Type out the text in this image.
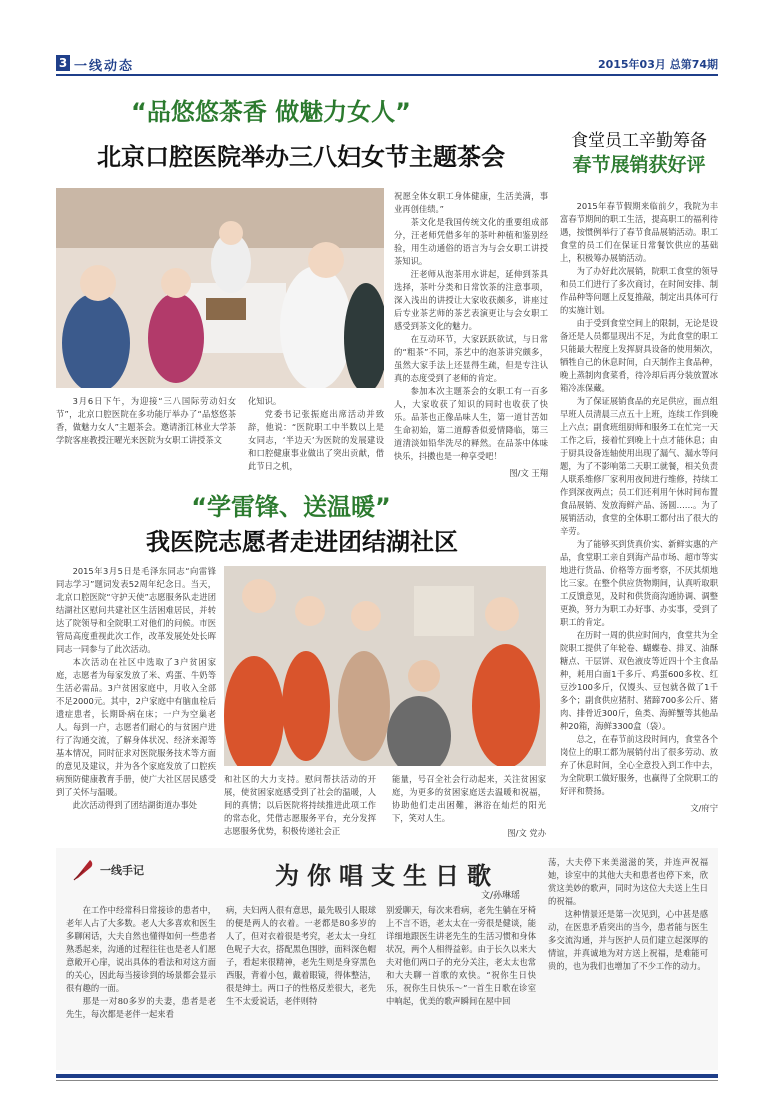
3 一线动态	2015年03月 总第74期
“品悠悠茶香 做魅力女人”
北京口腔医院举办三八妇女节主题茶会

3月6日下午，为迎接“三八国际劳动妇女节”，北京口腔医院在多功能厅举办了“品悠悠茶香，做魅力女人”主题茶会。邀请浙江林业大学茶学院客座教授汪曜光来医院为女职工讲授茶文

化知识。

党委书记张振庭出席活动并致辞，他说：“医院职工中半数以上是女同志，‘半边天’为医院的发展建设和口腔健康事业做出了突出贡献，借此节日之机，

祝愿全体女职工身体健康，生活美满，事业再创佳绩。”

茶文化是我国传统文化的重要组成部分，汪老师凭借多年的茶叶种植和鉴别经验，用生动通俗的语言为与会女职工讲授茶知识。

汪老师从泡茶用水讲起，延伸到茶具选择，茶叶分类和日常饮茶的注意事项，深入浅出的讲授让大家收获颇多，讲座过后专业茶艺师的茶艺表演更让与会女职工感受到茶文化的魅力。

在互动环节，大家跃跃欲试，与日常的“粗茶”不同，茶艺中的泡茶讲究颇多，虽然大家手法上还显得生疏，但是专注认真的态度受到了老师的肯定。

参加本次主题茶会的女职工有一百多人，大家收获了知识的同时也收获了快乐。品茶也正像品味人生，第一道甘苦如生命初始，第二道醇香似爱情降临，第三道清淡如铅华洗尽的释然。在品茶中体味快乐，抖擞也是一种享受吧！

图/文 王翔
“学雷锋、送温暖”
我医院志愿者走进团结湖社区

2015年3月5日是毛泽东同志“向雷锋同志学习”题词发表52周年纪念日。当天，北京口腔医院“守护天使”志愿服务队走进团结湖社区慰问共建社区生活困难居民，并转达了院领导和全院职工对他们的问候。市医管局高度重视此次工作，改革发展处处长晖同志一同参与了此次活动。

本次活动在社区中选取了3户贫困家庭，志愿者为每家发放了米、鸡蛋、牛奶等生活必需品。3户贫困家庭中，月收入全部不足2000元。其中，2户家庭中有脑血栓后遗症患者，长期卧病在床；一户为空巢老人。每到一户，志愿者们耐心的与贫困户进行了沟通交流，了解身体状况、经济来源等基本情况，同时征求对医院服务技术等方面的意见及建议，并为各个家庭发放了口腔疾病预防健康教育手册，使广大社区居民感受到了关怀与温暖。

此次活动得到了团结湖街道办事处

和社区的大力支持。慰问帮扶活动的开展，使贫困家庭感受到了社会的温暖，人间的真情；以后医院将持续推进此项工作的常态化，凭借志愿服务平台，充分发挥志愿服务优势，积极传递社会正

能量，号召全社会行动起来，关注贫困家庭，为更多的贫困家庭送去温暖和祝福，协助他们走出困難，淋浴在灿烂的阳光下，笑对人生。

图/文 党办
食堂员工辛勤筹备
春节展销获好评

2015年春节假期来临前夕，我院为丰富春节期间的职工生活，提高职工的福利待遇，按惯例举行了春节食品展销活动。职工食堂的员工们在保证日常餐饮供应的基础上，积极筹办展销活动。

为了办好此次展销，院职工食堂的领导和员工们进行了多次商讨，在时间安排、制作品种等问题上反复推敲，制定出具体可行的实施计划。

由于受到食堂空间上的限制，无论是设备还是人员都显现出不足，为此食堂的职工只能最大程度上发挥厨具设备的使用频次，牺牲自己的休息时间，白天制作主食品种，晚上蒸制肉食菜肴，待冷却后再分装放置冰箱冷冻保藏。

为了保证展销食品的充足供应，面点组早班人员清晨三点五十上班，连续工作到晚上六点；副食班组厨师和服务工在忙完一天工作之后，接着忙到晚上十点才能休息；由于厨具设备连轴使用出现了漏气、漏水等问题，为了不影响第二天职工就餐，相关负责人联系维修厂家利用夜间进行维修，持续工作到深夜两点；员工们还利用午休时间布置食品展销、发放海鲜产品、汤圆……。为了展销活动，食堂的全体职工都付出了很大的辛劳。

为了能够买到货真价实、新鲜实惠的产品，食堂职工亲自到海产品市场、超市等实地进行货品、价格等方面考察，不厌其烦地比三家。在整个供应货物期间，认真听取职工反馈意见，及时和供货商沟通协调、调整更换，努力为职工办好事、办实事，受到了职工的肯定。

在历时一周的供应时间内，食堂共为全院职工提供了年轮卷、蝴蝶卷、排叉、油酥糖点、干层饼、双色液皮等近四十个主食品种，耗用白面1千多斤、鸡蛋600多枚、红豆沙100多斤，仅馒头、豆包就各做了1千多个；副食供应猪肘、猪蹄700多公斤、猪肉、排骨近300斤，鱼类、海鲜蟹等其他品种20箱，海鲜3300盒（袋）。

总之，在春节前这段时间内，食堂各个岗位上的职工都为展销付出了很多劳动、放弃了休息时间，全心全意投入到工作中去，为全院职工做好服务，也赢得了全院职工的好评和赞扬。

文/府宁
一线手记	为你唱支生日歌
文/孙琳瑶

在工作中经常科日常接诊的患者中，老年人占了大多数。老人大多喜欢和医生多聊闲话，大夫自然也懂得如何一些患者熟悉起来，沟通的过程往往也是老人们愿意敞开心扉，说出具体的看法和对这方面的关心，因此每当接诊到的场景都会显示很有趣的一面。

那是一对80多岁的夫妻，患者是老先生，每次都是老伴一起来看

病，夫妇两人很有意思，最先吸引人眼球的便是两人的衣着。一老都是80多岁的人了，但对衣着很是考究，老太太一身红色呢子大衣，搭配黑色围脖，面料深色帽子，看起来很精神，老先生则是身穿黑色西服，背着小包，戴着眼镜，得体整洁，很是绅士。两口子的性格反差很大，老先生不太爱说话，老伴则特

别爱聊天，每次来看病，老先生躺在牙椅上不言不语，老太太在一旁很是健谈，能详细地跟医生讲老先生的生活习惯和身体状况，两个人相得益彰。由于长久以来大夫对他们两口子的充分关注，老太太也常和大夫聊一首歌的欢快。“祝你生日快乐，祝你生日快乐～”一首生日歌在诊室中响起，优美的歌声瞬间在屋中回

荡，大夫停下来美滋滋的笑，并连声祝福她，诊室中的其他大夫和患者也停下来，欣赏这美妙的歌声，同时为这位大夫送上生日的祝福。

这种情景还是第一次见到，心中甚是感动，在医患矛盾突出的当今，患者能与医生多交流沟通，并与医护人员们建立起深厚的情谊，并真诚地为对方送上祝福，是难能可贵的，也为我们也增加了不少工作的动力。
